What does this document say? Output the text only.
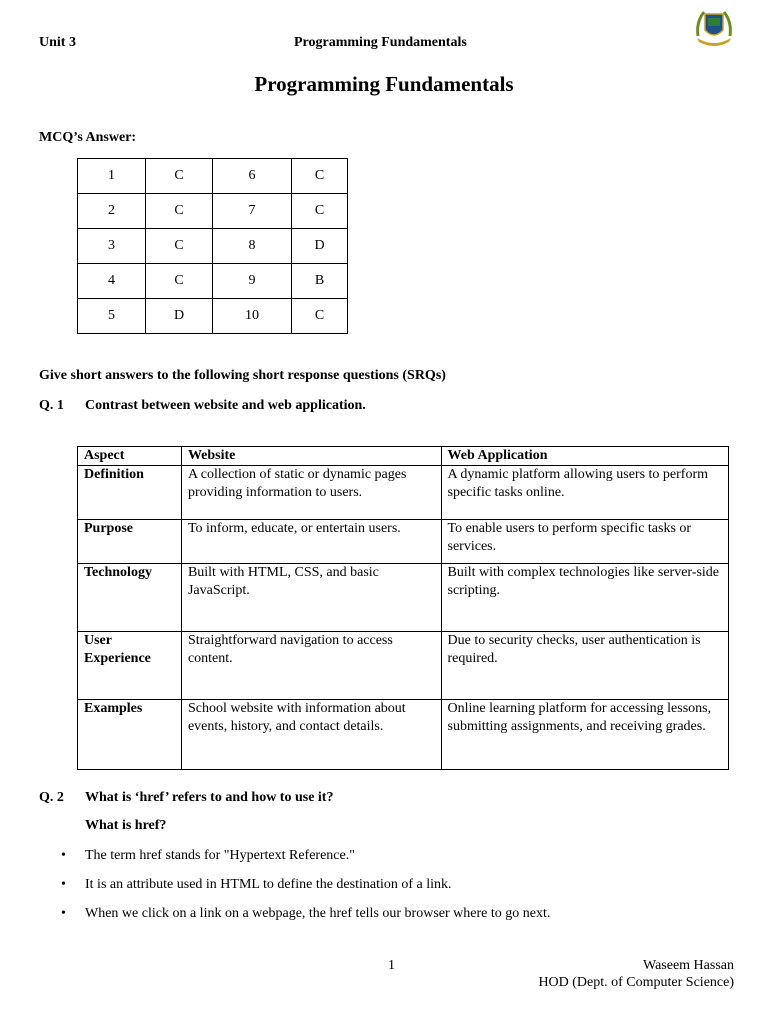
Unit 3	Programming Fundamentals
Programming Fundamentals
MCQ’s Answer:
1	C	6	C
2	C	7	C
3	C	8	D
4	C	9	B
5	D	10	C
Give short answers to the following short response questions (SRQs)
Q. 1 Contrast between website and web application.
Aspect	Website	Web Application
Definition	A collection of static or dynamic pages providing information to users.	A dynamic platform allowing users to perform specific tasks online.
Purpose	To inform, educate, or entertain users.	To enable users to perform specific tasks or services.
Technology	Built with HTML, CSS, and basic JavaScript.	Built with complex technologies like server-side scripting.
User Experience	Straightforward navigation to access content.	Due to security checks, user authentication is required.
Examples	School website with information about events, history, and contact details.	Online learning platform for accessing lessons, submitting assignments, and receiving grades.
Q. 2 What is ‘href’ refers to and how to use it?
What is href?
• The term href stands for "Hypertext Reference."
• It is an attribute used in HTML to define the destination of a link.
• When we click on a link on a webpage, the href tells our browser where to go next.
1	Waseem Hassan
HOD (Dept. of Computer Science)
